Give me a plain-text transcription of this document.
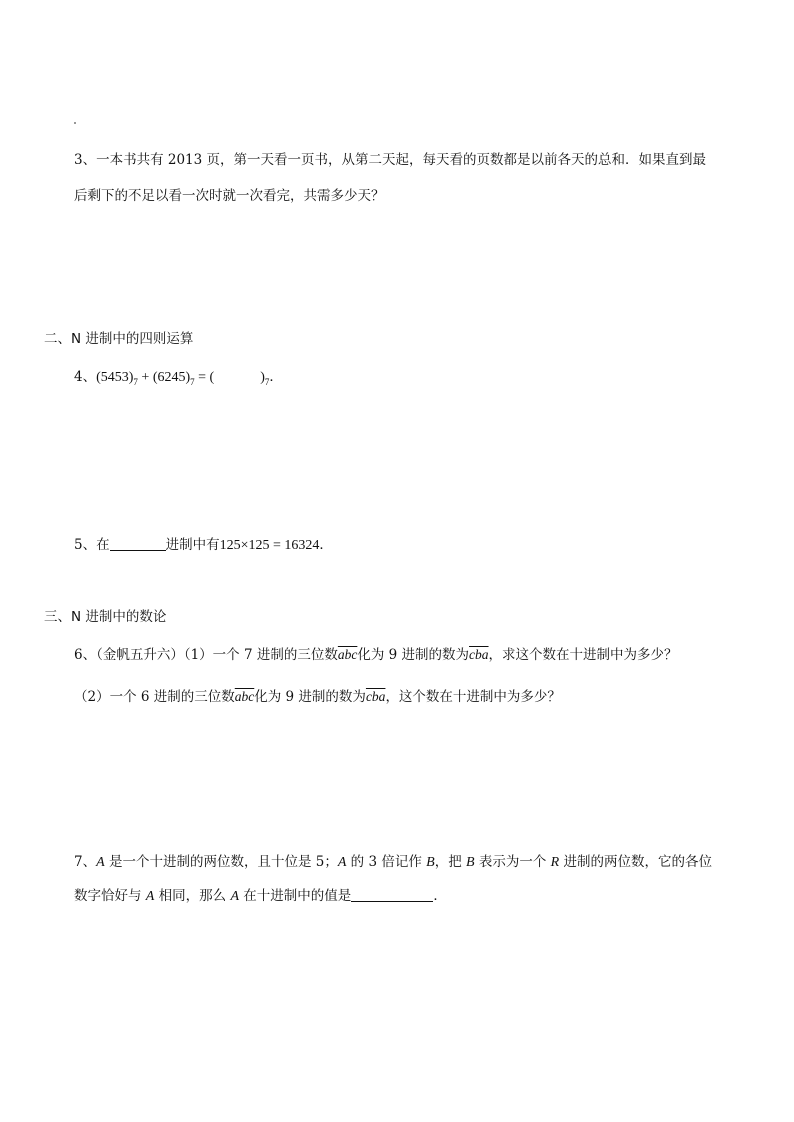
3、一本书共有 2013 页，第一天看一页书，从第二天起，每天看的页数都是以前各天的总和．如果直到最
后剩下的不足以看一次时就一次看完，共需多少天？
二、N 进制中的四则运算
4、$(5453)_7 + (6245)_7$ = (	)$_7$．
5、在	进制中有125×125 = 16324．
三、N 进制中的数论
6、（金帆五升六）（1）一个 7 进制的三位数$\overline{abc}$化为 9 进制的数为$\overline{cba}$，求这个数在十进制中为多少？
（2）一个 6 进制的三位数$\overline{abc}$化为 9 进制的数为$\overline{cba}$，这个数在十进制中为多少？
7、A 是一个十进制的两位数，且十位是 5；A 的 3 倍记作 B，把 B 表示为一个 R 进制的两位数，它的各位
数字恰好与 A 相同，那么 A 在十进制中的值是	．
